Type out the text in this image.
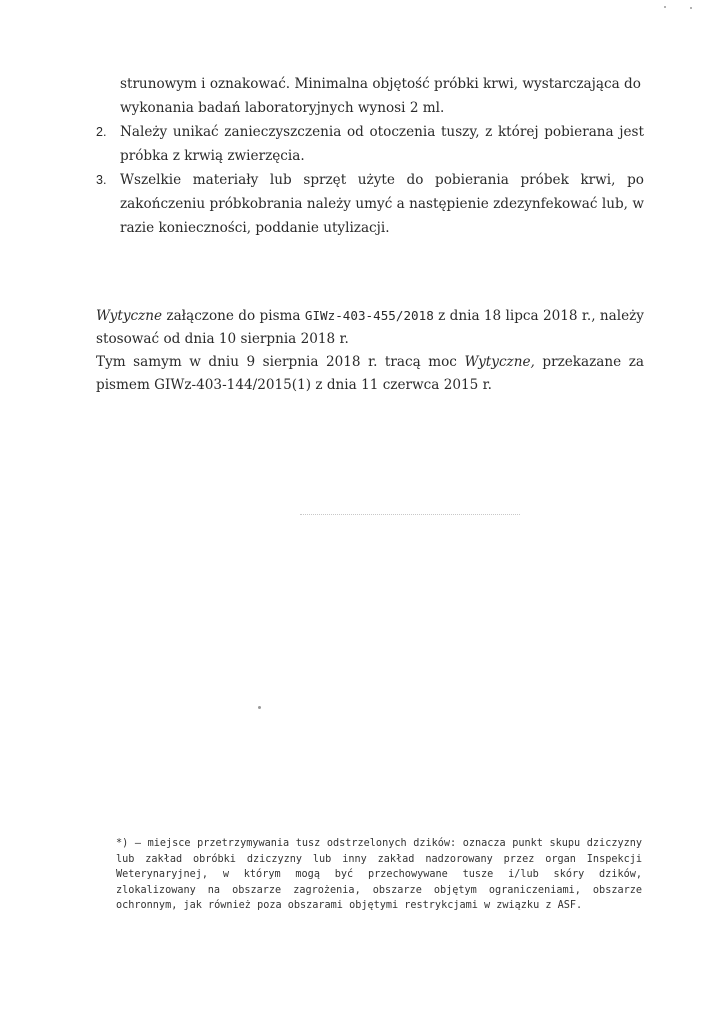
strunowym i oznakować. Minimalna objętość próbki krwi, wystarczająca do
wykonania badań laboratoryjnych wynosi 2 ml.
2. Należy unikać zanieczyszczenia od otoczenia tuszy, z której pobierana jest próbka z krwią zwierzęcia.
3. Wszelkie materiały lub sprzęt użyte do pobierania próbek krwi, po zakończeniu próbkobrania należy umyć a następienie zdezynfekować lub, w razie konieczności, poddanie utylizacji.

Wytyczne załączone do pisma GIWz-403-455/2018 z dnia 18 lipca 2018 r., należy stosować od dnia 10 sierpnia 2018 r.

Tym samym w dniu 9 sierpnia 2018 r. tracą moc Wytyczne, przekazane za pismem GIWz-403-144/2015(1) z dnia 11 czerwca 2015 r.

*) – miejsce przetrzymywania tusz odstrzelonych dzików: oznacza punkt skupu dziczyzny lub zakład obróbki dziczyzny lub inny zakład nadzorowany przez organ Inspekcji Weterynaryjnej, w którym mogą być przechowywane tusze i/lub skóry dzików, zlokalizowany na obszarze zagrożenia, obszarze objętym ograniczeniami, obszarze ochronnym, jak również poza obszarami objętymi restrykcjami w związku z ASF.
